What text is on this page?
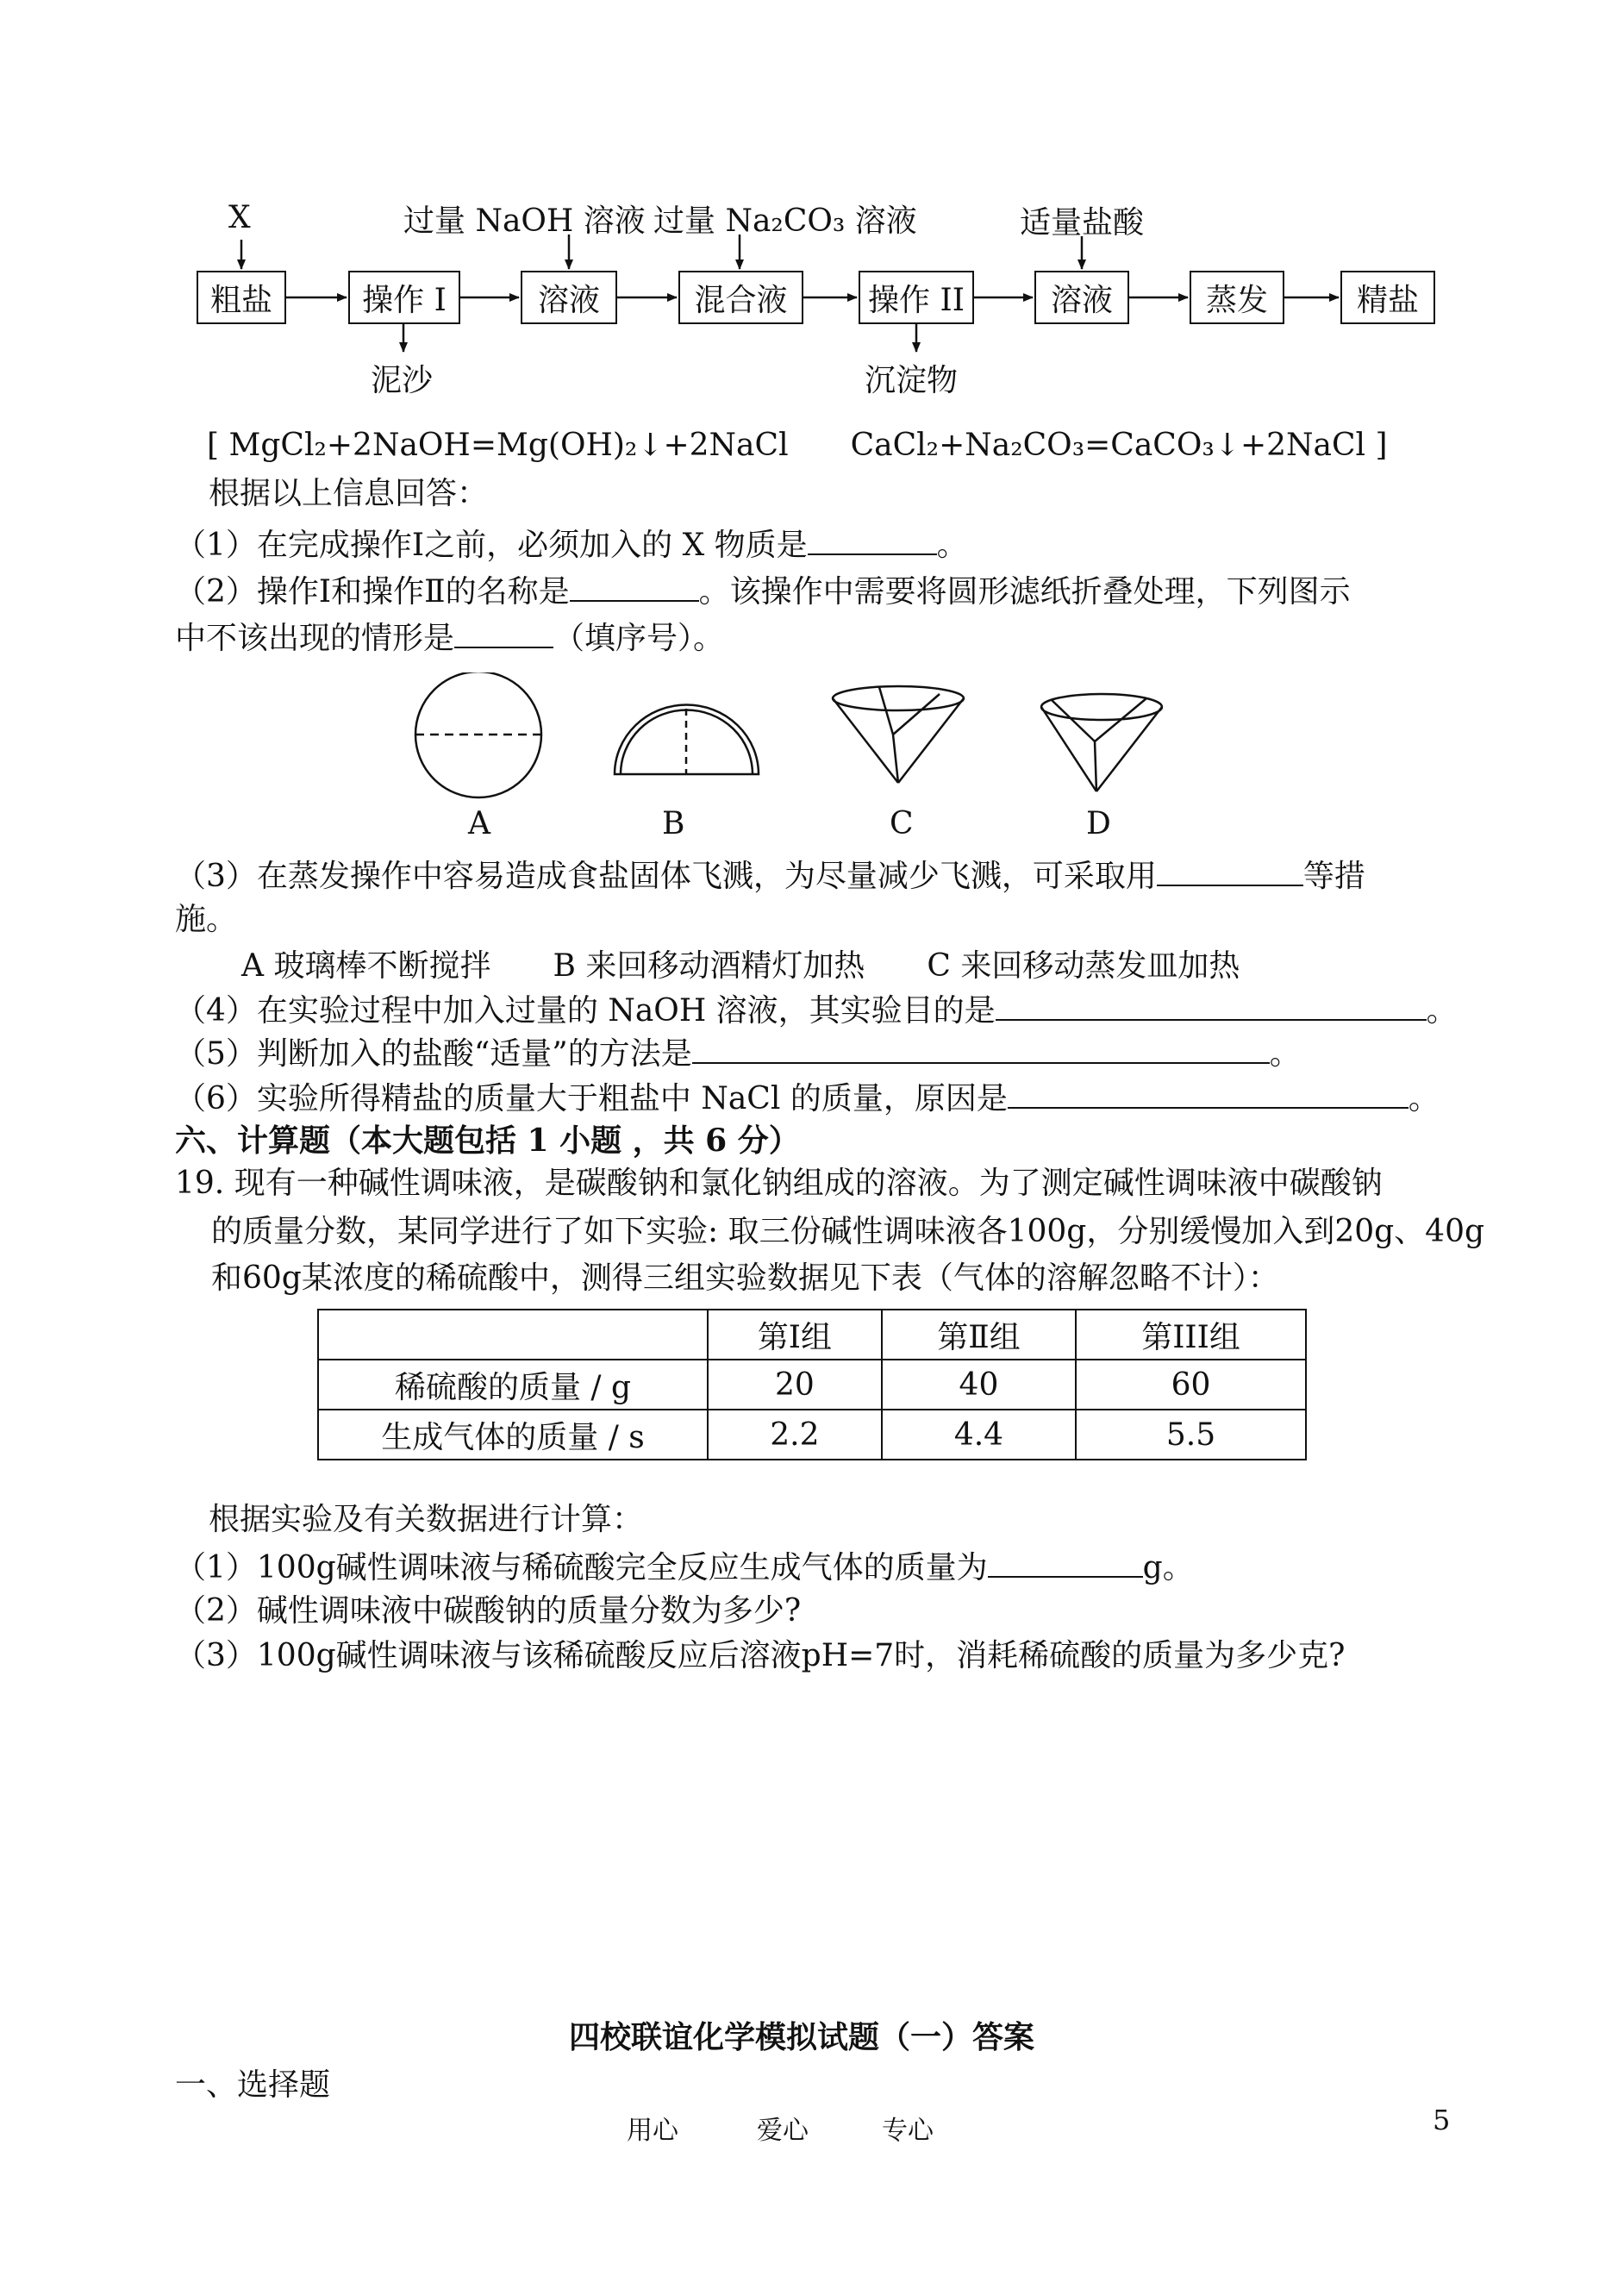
X	过量 NaOH 溶液 过量 Na₂CO₃ 溶液	适量盐酸
粗盐	操作 I	溶液	混合液	操作 II	溶液	蒸发	精盐
泥沙	沉淀物
[ MgCl₂+2NaOH=Mg(OH)₂↓+2NaCl　　CaCl₂+Na₂CO₃=CaCO₃↓+2NaCl ]
根据以上信息回答：
（1）在完成操作Ⅰ之前，必须加入的 X 物质是	。
（2）操作Ⅰ和操作Ⅱ的名称是	。该操作中需要将圆形滤纸折叠处理，下列图示
中不该出现的情形是	（填序号）。
A	B	C	D
（3）在蒸发操作中容易造成食盐固体飞溅，为尽量减少飞溅，可采取用	等措
施。
A 玻璃棒不断搅拌 B 来回移动酒精灯加热 C 来回移动蒸发皿加热
（4）在实验过程中加入过量的 NaOH 溶液，其实验目的是	。
（5）判断加入的盐酸“适量”的方法是	。
（6）实验所得精盐的质量大于粗盐中 NaCl 的质量，原因是	。
六、计算题（本大题包括 1 小题 ，共 6 分）
19. 现有一种碱性调味液，是碳酸钠和氯化钠组成的溶液。为了测定碱性调味液中碳酸钠
的质量分数，某同学进行了如下实验: 取三份碱性调味液各100g，分别缓慢加入到20g、40g
和60g某浓度的稀硫酸中，测得三组实验数据见下表（气体的溶解忽略不计）：
	第Ⅰ组	第Ⅱ组	第III组
稀硫酸的质量 / g	20	40	60
生成气体的质量 / s	2.2	4.4	5.5
根据实验及有关数据进行计算：
（1）100g碱性调味液与稀硫酸完全反应生成气体的质量为	g。
（2）碱性调味液中碳酸钠的质量分数为多少?
（3）100g碱性调味液与该稀硫酸反应后溶液pH=7时，消耗稀硫酸的质量为多少克?
四校联谊化学模拟试题（一）答案
一、选择题
用心	爱心	专心	5
